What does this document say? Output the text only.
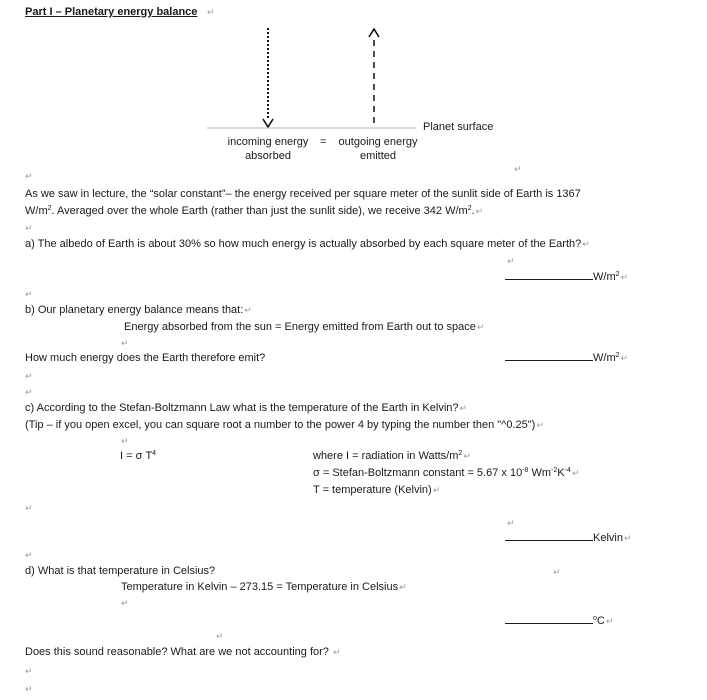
Part I – Planetary energy balance ↵
Planet surface
incoming energy
absorbed
=	outgoing energy
emitted
↵
↵
As we saw in lecture, the “solar constant”– the energy received per square meter of the sunlit side of Earth is 1367
$W/m^2$. Averaged over the whole Earth (rather than just the sunlit side), we receive 342 $W/m^2.↵$
↵
a) The albedo of Earth is about 30% so how much energy is actually absorbed by each square meter of the Earth?↵
↵
$W/m^2↵$
↵
b) Our planetary energy balance means that:↵
Energy absorbed from the sun = Energy emitted from Earth out to space↵
↵
How much energy does the Earth therefore emit?	$W/m^2↵$
↵
↵
c) According to the Stefan-Boltzmann Law what is the temperature of the Earth in Kelvin?↵
(Tip – if you open excel, you can square root a number to the power 4 by typing the number then "^0.25")↵
↵
I = σ $T^4$	where I = radiation in Watts/$m^2↵$
σ = Stefan-Boltzmann constant = 5.67 x $10^{-8}$ $Wm^{-2}K^{-4}↵$
T = temperature (Kelvin)↵
↵
↵
Kelvin↵
↵
d) What is that temperature in Celsius?	↵
Temperature in Kelvin – 273.15 = Temperature in Celsius↵
↵
$^o$C↵
↵
Does this sound reasonable? What are we not accounting for? ↵
↵
↵
